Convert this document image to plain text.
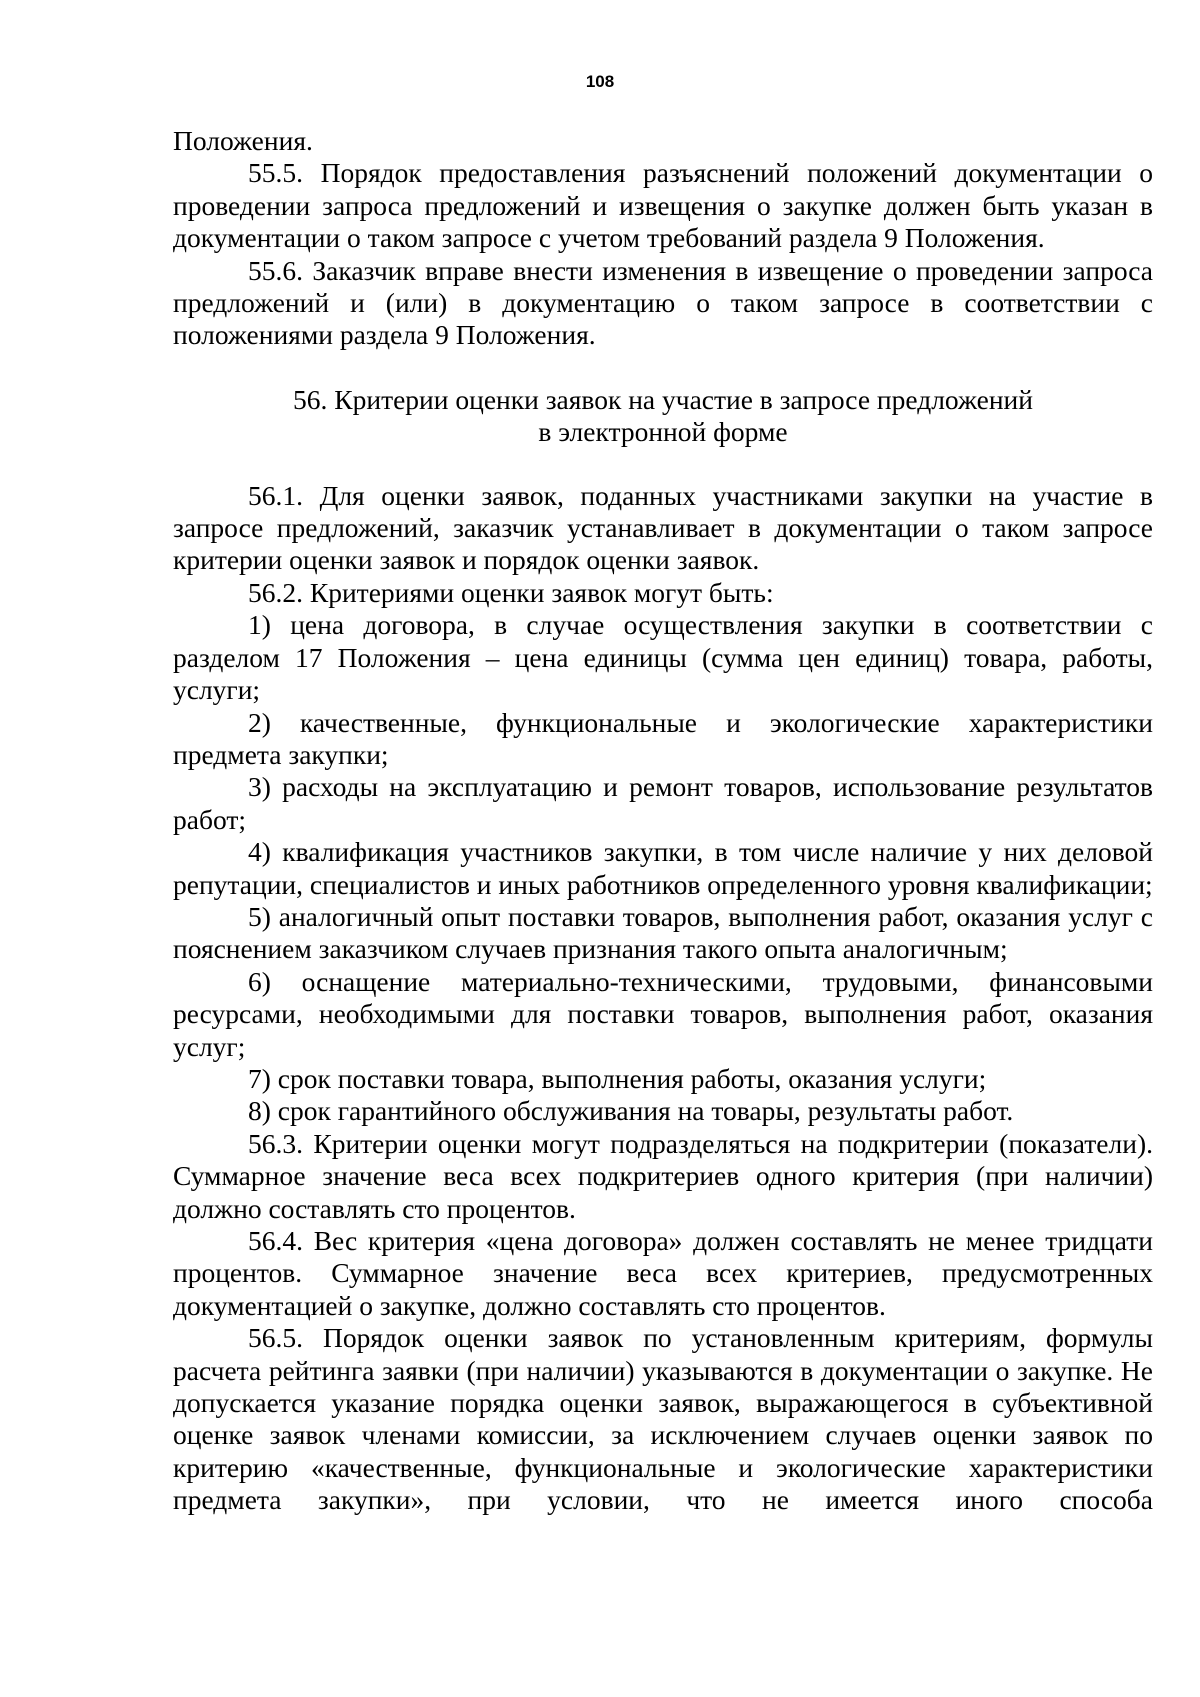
108

Положения.

55.5. Порядок предоставления разъяснений положений документации о проведении запроса предложений и извещения о закупке должен быть указан в документации о таком запросе с учетом требований раздела 9 Положения.

55.6. Заказчик вправе внести изменения в извещение о проведении запроса предложений и (или) в документацию о таком запросе в соответствии с положениями раздела 9 Положения.

56. Критерии оценки заявок на участие в запросе предложений
в электронной форме

56.1. Для оценки заявок, поданных участниками закупки на участие в запросе предложений, заказчик устанавливает в документации о таком запросе критерии оценки заявок и порядок оценки заявок.

56.2. Критериями оценки заявок могут быть:

1) цена договора, в случае осуществления закупки в соответствии с разделом 17 Положения – цена единицы (сумма цен единиц) товара, работы, услуги;

2) качественные, функциональные и экологические характеристики предмета закупки;

3) расходы на эксплуатацию и ремонт товаров, использование результатов работ;

4) квалификация участников закупки, в том числе наличие у них деловой репутации, специалистов и иных работников определенного уровня квалификации;

5) аналогичный опыт поставки товаров, выполнения работ, оказания услуг с пояснением заказчиком случаев признания такого опыта аналогичным;

6) оснащение материально-техническими, трудовыми, финансовыми ресурсами, необходимыми для поставки товаров, выполнения работ, оказания услуг;

7) срок поставки товара, выполнения работы, оказания услуги;

8) срок гарантийного обслуживания на товары, результаты работ.

56.3. Критерии оценки могут подразделяться на подкритерии (показатели). Суммарное значение веса всех подкритериев одного критерия (при наличии) должно составлять сто процентов.

56.4. Вес критерия «цена договора» должен составлять не менее тридцати процентов. Суммарное значение веса всех критериев, предусмотренных документацией о закупке, должно составлять сто процентов.

56.5. Порядок оценки заявок по установленным критериям, формулы расчета рейтинга заявки (при наличии) указываются в документации о закупке. Не допускается указание порядка оценки заявок, выражающегося в субъективной оценке заявок членами комиссии, за исключением случаев оценки заявок по критерию «качественные, функциональные и экологические характеристики предмета закупки», при условии, что не имеется иного способа
